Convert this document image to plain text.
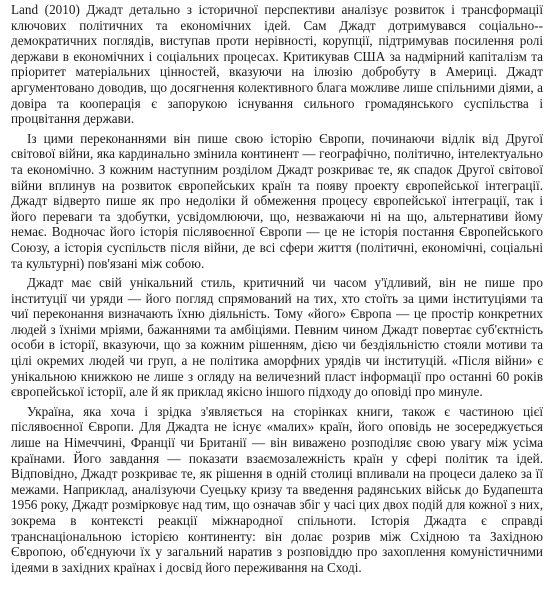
Land (2010) Джадт детально з історичної перспективи аналізує розвиток і трансформації ключових політичних та економічних ідей. Сам Джадт дотримувався соціально--демократичних поглядів, виступав проти нерівності, корупції, підтримував посилення ролі держави в економічних і соціальних процесах. Критикував США за надмірний капіталізм та пріоритет матеріальних цінностей, вказуючи на ілюзію добробуту в Америці. Джадт аргументовано доводив, що досягнення колективного блага можливе лише спільними діями, а довіра та кооперація є запорукою існування сильного громадянського суспільства і процвітання держави.

Із цими переконаннями він пише свою історію Європи, починаючи відлік від Другої світової війни, яка кардинально змінила континент — географічно, політично, інтелектуально та економічно. З кожним наступним розділом Джадт розкриває те, як спадок Другої світової війни вплинув на розвиток європейських країн та появу проекту європейської інтеграції. Джадт відверто пише як про недоліки й обмеження процесу європейської інтеграції, так і його переваги та здобутки, усвідомлюючи, що, незважаючи ні на що, альтернативи йому немає. Водночас його історія післявоєнної Європи — це не історія постання Європейського Союзу, а історія суспільств після війни, де всі сфери життя (політичні, економічні, соціальні та культурні) пов'язані між собою.

Джадт має свій унікальний стиль, критичний чи часом у'їдливий, він не пише про інституції чи уряди — його погляд спрямований на тих, хто стоїть за цими інституціями та чиї переконання визначають їхню діяльність. Тому «його» Європа — це простір конкретних людей з їхніми мріями, бажаннями та амбіціями. Певним чином Джадт повертає суб'єктність особи в історії, вказуючи, що за кожним рішенням, дією чи бездіяльністю стояли мотиви та цілі окремих людей чи груп, а не політика аморфних урядів чи інституцій. «Після війни» є унікальною книжкою не лише з огляду на величезний пласт інформації про останні 60 років європейської історії, але й як приклад якісно іншого підходу до оповіді про минуле.

Україна, яка хоча і зрідка з'являється на сторінках книги, також є частиною цієї післявоєнної Європи. Для Джадта не існує «малих» країн, його оповідь не зосереджується лише на Німеччині, Франції чи Британії — він виважено розподіляє свою увагу між усіма країнами. Його завдання — показати взаємозалежність країн у сфері політик та ідей. Відповідно, Джадт розкриває те, як рішення в одній столиці впливали на процеси далеко за її межами. Наприклад, аналізуючи Суецьку кризу та введення радянських військ до Будапешта 1956 року, Джадт розмірковує над тим, що означав збіг у часі цих двох подій для кожної з них, зокрема в контексті реакції міжнародної спільноти. Історія Джадта є справді транснаціональною історією континенту: він долає розрив між Східною та Західною Європою, об'єднуючи їх у загальний наратив з розповіддю про захоплення комуністичними ідеями в західних країнах і досвід його переживання на Сході.
